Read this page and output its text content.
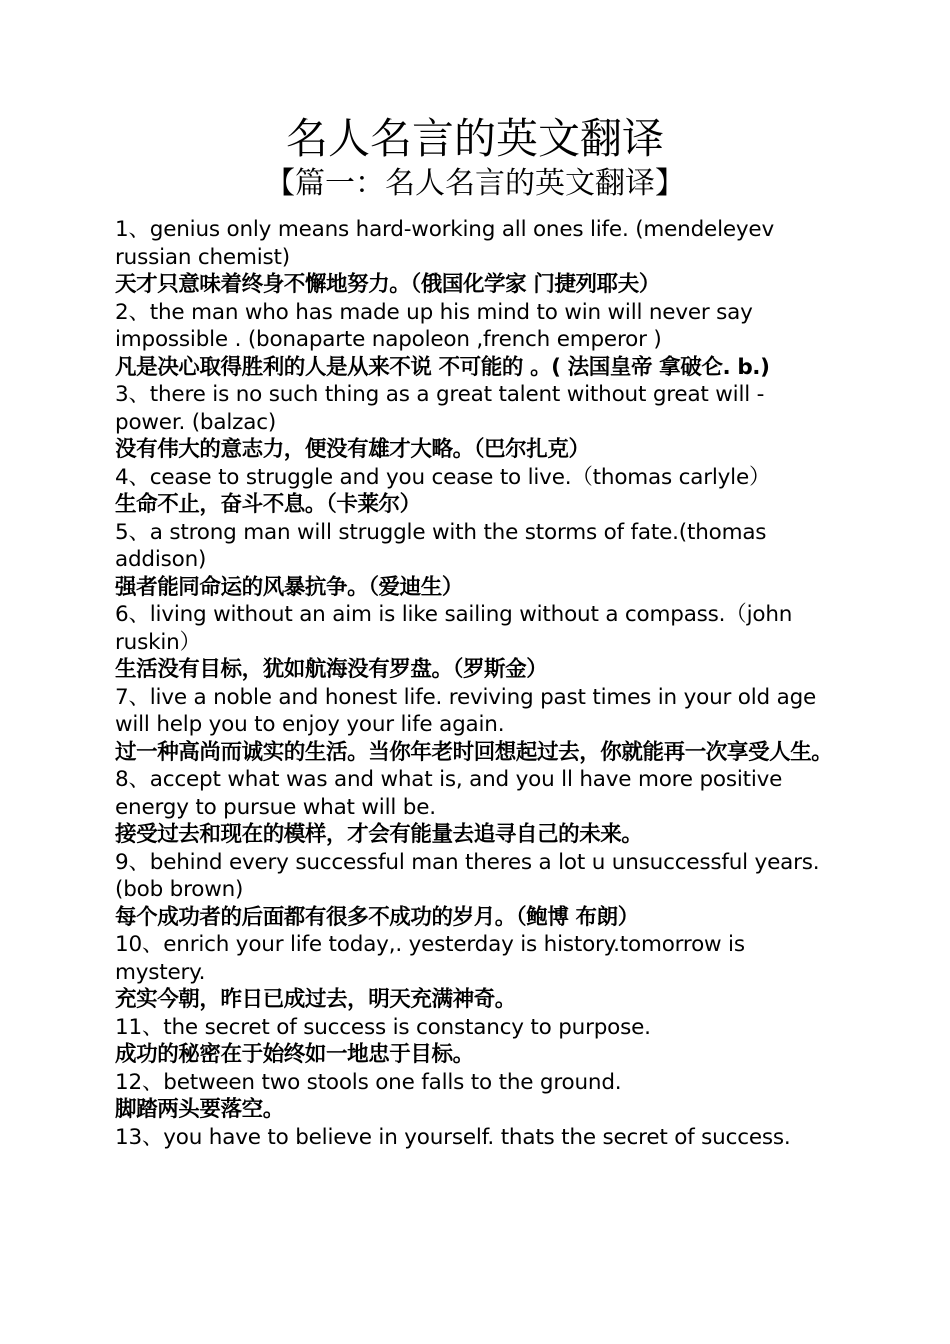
名人名言的英文翻译
【篇一：名人名言的英文翻译】
1、genius only means hard-working all ones life. (mendeleyev russian chemist)
天才只意味着终身不懈地努力。（俄国化学家 门捷列耶夫）
2、the man who has made up his mind to win will never say impossible . (bonaparte napoleon ,french emperor )
凡是决心取得胜利的人是从来不说 不可能的 。( 法国皇帝 拿破仑. b.)
3、there is no such thing as a great talent without great will - power. (balzac)
没有伟大的意志力，便没有雄才大略。（巴尔扎克）
4、cease to struggle and you cease to live.（thomas carlyle）
生命不止，奋斗不息。（卡莱尔）
5、a strong man will struggle with the storms of fate.(thomas addison)
强者能同命运的风暴抗争。（爱迪生）
6、living without an aim is like sailing without a compass.（john ruskin）
生活没有目标，犹如航海没有罗盘。（罗斯金）
7、live a noble and honest life. reviving past times in your old age will help you to enjoy your life again.
过一种高尚而诚实的生活。当你年老时回想起过去，你就能再一次享受人生。
8、accept what was and what is, and you ll have more positive energy to pursue what will be.
接受过去和现在的模样，才会有能量去追寻自己的未来。
9、behind every successful man theres a lot u unsuccessful years. (bob brown)
每个成功者的后面都有很多不成功的岁月。（鲍博 布朗）
10、enrich your life today,. yesterday is history.tomorrow is mystery.
充实今朝，昨日已成过去，明天充满神奇。
11、the secret of success is constancy to purpose.
成功的秘密在于始终如一地忠于目标。
12、between two stools one falls to the ground.
脚踏两头要落空。
13、you have to believe in yourself. thats the secret of success.
